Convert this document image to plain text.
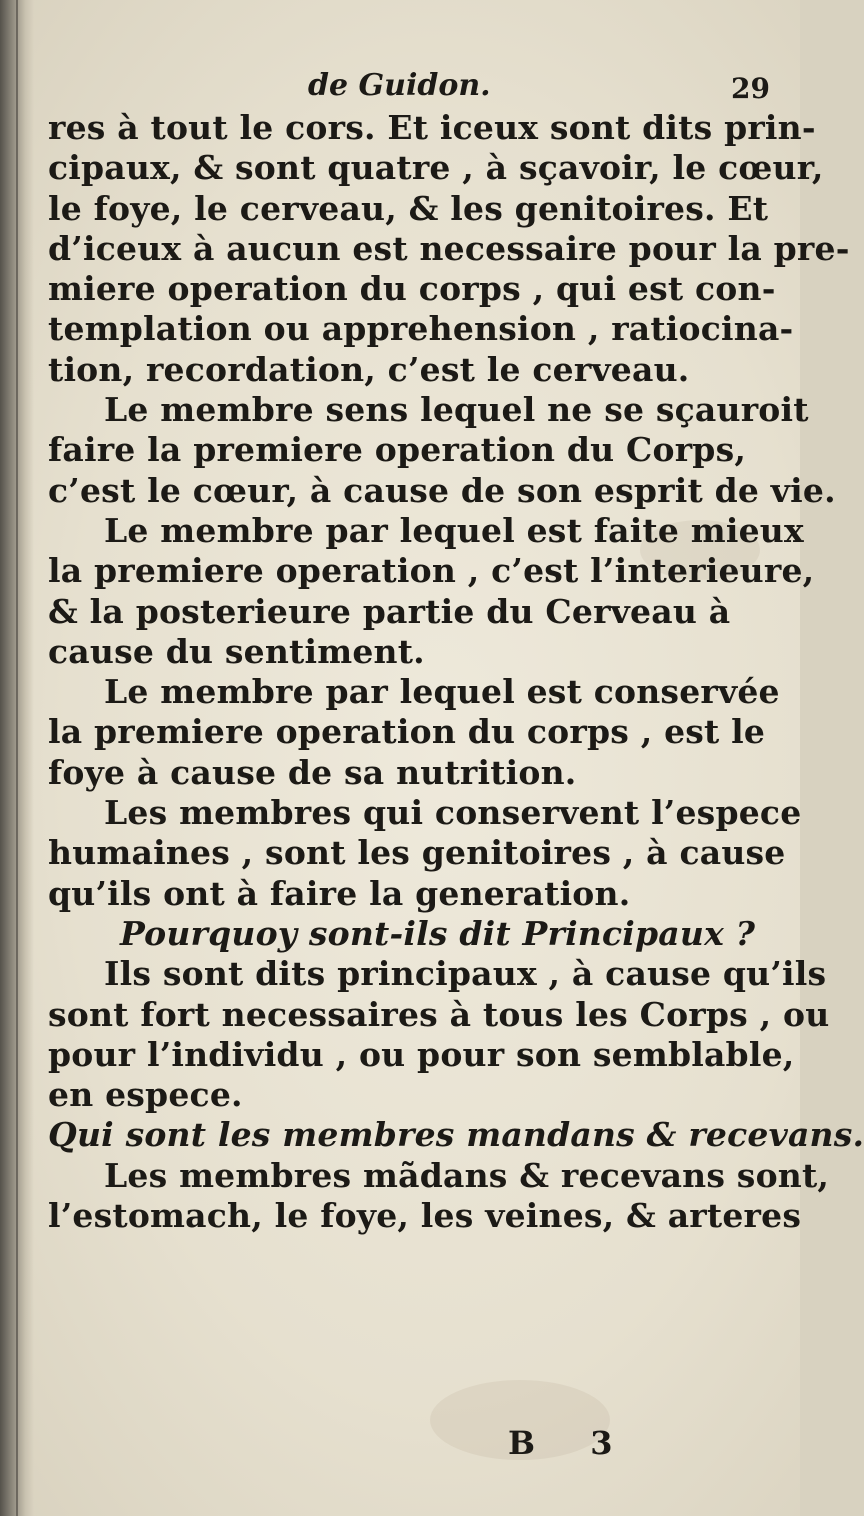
de Guidon.	29
res à tout le cors. Et iceux sont dits prin-
cipaux, & sont quatre , à sçavoir, le cœur,
le foye, le cerveau, & les genitoires. Et
d’iceux à aucun est necessaire pour la pre-
miere operation du corps , qui est con-
templation ou apprehension , ratiocina-
tion, recordation, c’est le cerveau.
Le membre sens lequel ne se sçauroit
faire la premiere operation du Corps,
c’est le cœur, à cause de son esprit de vie.
Le membre par lequel est faite mieux
la premiere operation , c’est l’interieure,
& la posterieure partie du Cerveau à
cause du sentiment.
Le membre par lequel est conservée
la premiere operation du corps , est le
foye à cause de sa nutrition.
Les membres qui conservent l’espece
humaines , sont les genitoires , à cause
qu’ils ont à faire la generation.
Pourquoy sont-ils dit Principaux ?
Ils sont dits principaux , à cause qu’ils
sont fort necessaires à tous les Corps , ou
pour l’individu , ou pour son semblable,
en espece.
Qui sont les membres mandans & recevans.
Les membres mãdans & recevans sont,
l’estomach, le foye, les veines, & arteres
B 3
